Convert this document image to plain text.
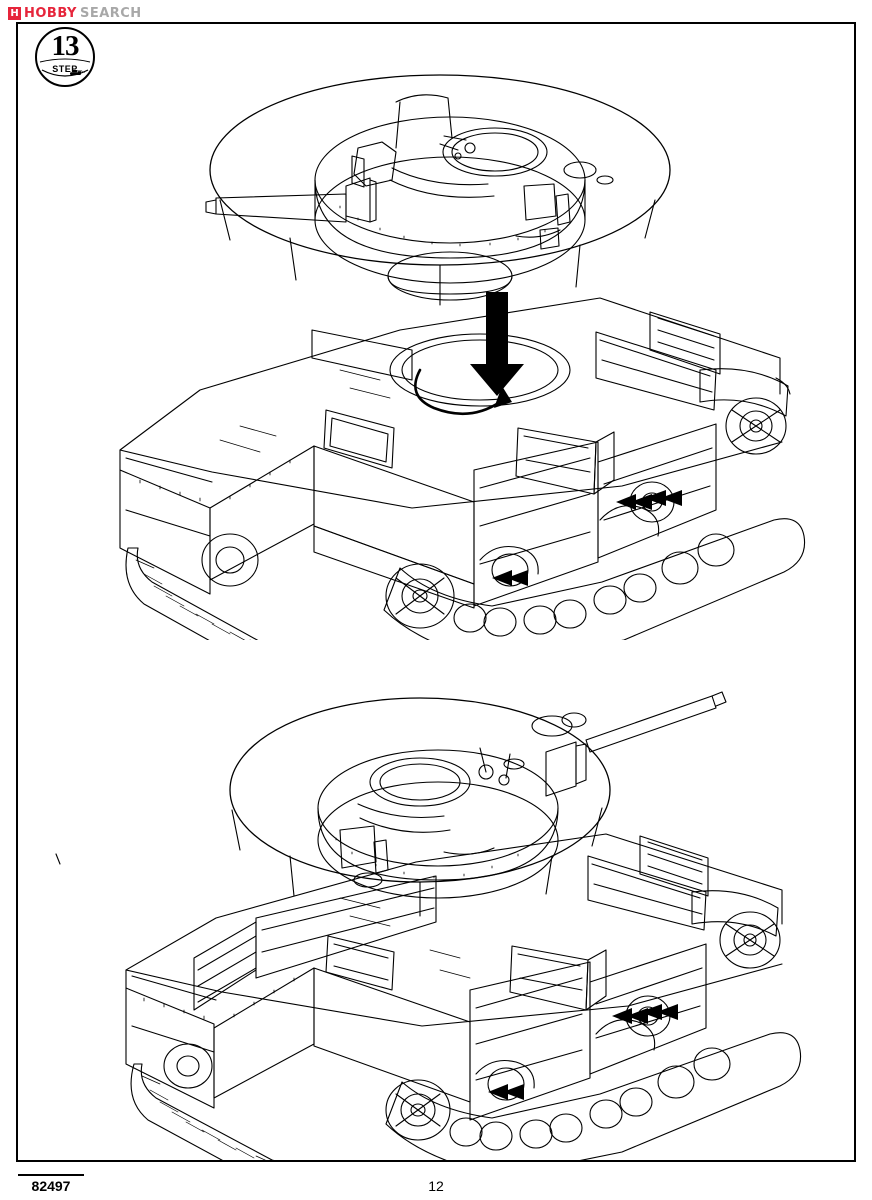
H HOBBY SEARCH
13
STEP
82497	12
